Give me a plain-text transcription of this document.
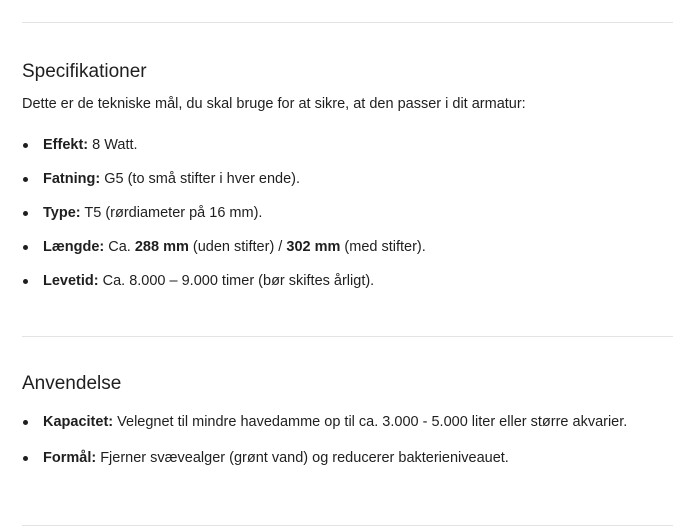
Specifikationer

Dette er de tekniske mål, du skal bruge for at sikre, at den passer i dit armatur:

Effekt: 8 Watt.
Fatning: G5 (to små stifter i hver ende).
Type: T5 (rørdiameter på 16 mm).
Længde: Ca. 288 mm (uden stifter) / 302 mm (med stifter).
Levetid: Ca. 8.000 – 9.000 timer (bør skiftes årligt).
Anvendelse
Kapacitet: Velegnet til mindre havedamme op til ca. 3.000 - 5.000 liter eller større akvarier.
Formål: Fjerner svævealger (grønt vand) og reducerer bakterieniveauet.
